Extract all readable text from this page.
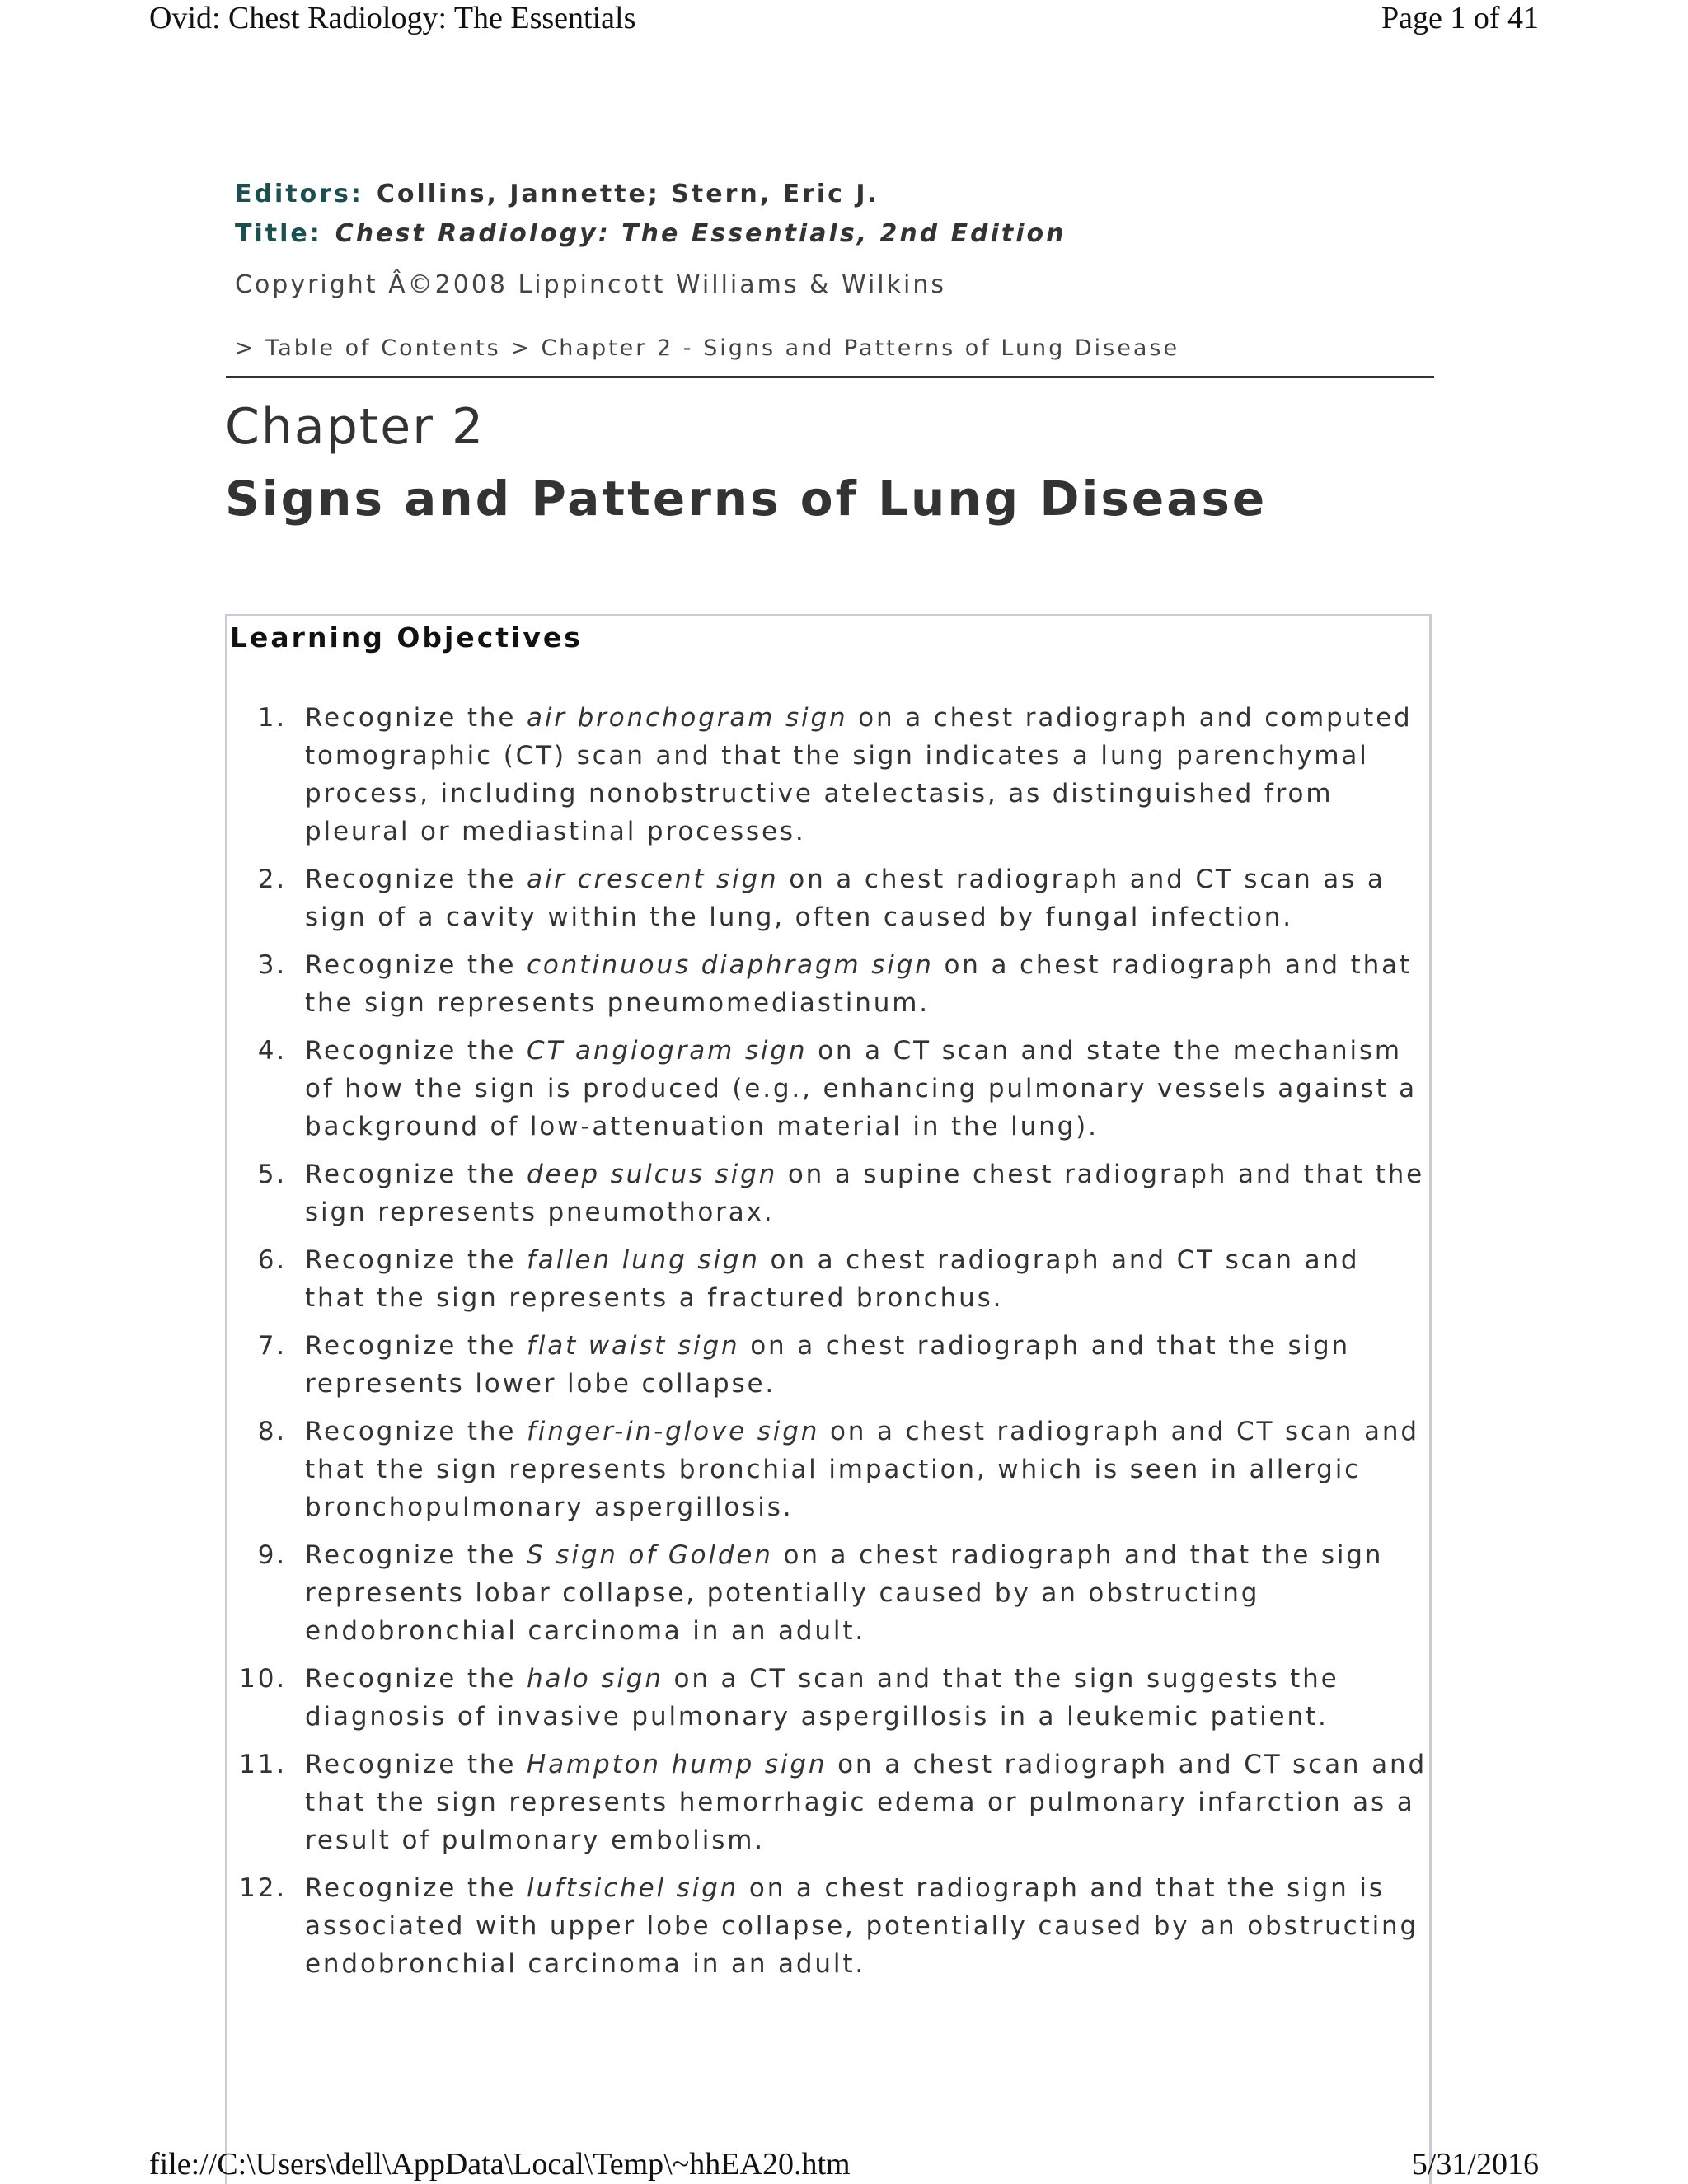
Ovid: Chest Radiology: The Essentials	Page 1 of 41
Editors: Collins, Jannette; Stern, Eric J.
Title: Chest Radiology: The Essentials, 2nd Edition
Copyright Â©2008 Lippincott Williams & Wilkins
> Table of Contents > Chapter 2 - Signs and Patterns of Lung Disease
Chapter 2
Signs and Patterns of Lung Disease
Learning Objectives
1. Recognize the air bronchogram sign on a chest radiograph and computed tomographic (CT) scan and that the sign indicates a lung parenchymal process, including nonobstructive atelectasis, as distinguished from pleural or mediastinal processes.
2. Recognize the air crescent sign on a chest radiograph and CT scan as a sign of a cavity within the lung, often caused by fungal infection.
3. Recognize the continuous diaphragm sign on a chest radiograph and that the sign represents pneumomediastinum.
4. Recognize the CT angiogram sign on a CT scan and state the mechanism of how the sign is produced (e.g., enhancing pulmonary vessels against a background of low-attenuation material in the lung).
5. Recognize the deep sulcus sign on a supine chest radiograph and that the sign represents pneumothorax.
6. Recognize the fallen lung sign on a chest radiograph and CT scan and that the sign represents a fractured bronchus.
7. Recognize the flat waist sign on a chest radiograph and that the sign represents lower lobe collapse.
8. Recognize the finger-in-glove sign on a chest radiograph and CT scan and that the sign represents bronchial impaction, which is seen in allergic bronchopulmonary aspergillosis.
9. Recognize the S sign of Golden on a chest radiograph and that the sign represents lobar collapse, potentially caused by an obstructing endobronchial carcinoma in an adult.
10. Recognize the halo sign on a CT scan and that the sign suggests the diagnosis of invasive pulmonary aspergillosis in a leukemic patient.
11. Recognize the Hampton hump sign on a chest radiograph and CT scan and that the sign represents hemorrhagic edema or pulmonary infarction as a result of pulmonary embolism.
12. Recognize the luftsichel sign on a chest radiograph and that the sign is associated with upper lobe collapse, potentially caused by an obstructing endobronchial carcinoma in an adult.
file://C:\Users\dell\AppData\Local\Temp\~hhEA20.htm	5/31/2016
